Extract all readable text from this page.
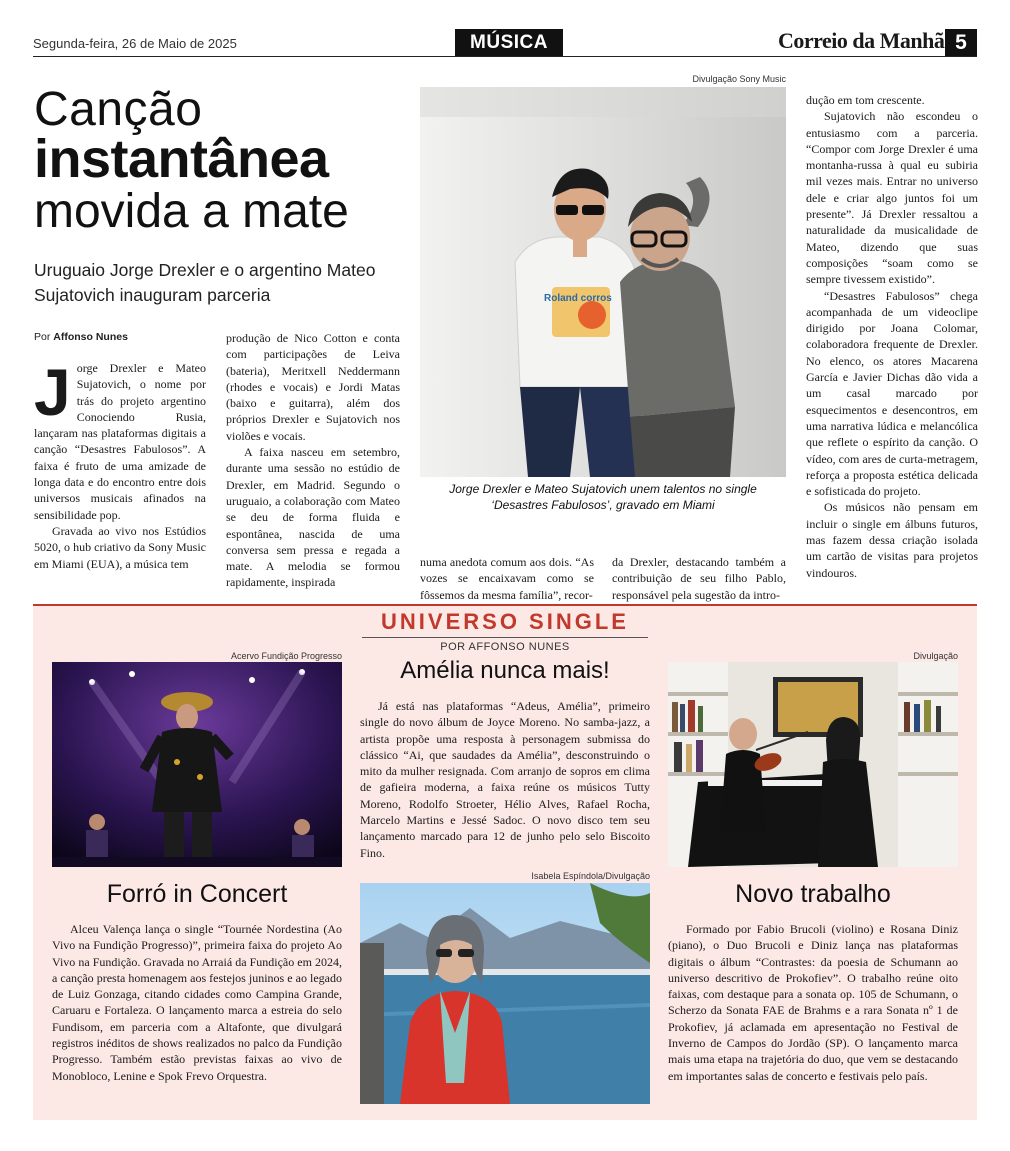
Segunda-feira, 26 de Maio de 2025	MÚSICA	Correio da Manhã 5
Canção
instantânea
movida a mate
Uruguaio Jorge Drexler e o argentino Mateo Sujatovich inauguram parceria
Por Affonso Nunes

Jorge Drexler e Mateo Sujatovich, o nome por trás do projeto argentino Conociendo Rusia, lançaram nas plataformas digitais a canção “Desastres Fabulosos”. A faixa é fruto de uma amizade de longa data e do encontro entre dois universos musicais afinados na sensibilidade pop.

Gravada ao vivo nos Estúdios 5020, o hub criativo da Sony Music em Miami (EUA), a música tem

produção de Nico Cotton e conta com participações de Leiva (bateria), Meritxell Neddermann (rhodes e vocais) e Jordi Matas (baixo e guitarra), além dos próprios Drexler e Sujatovich nos violões e vocais.

A faixa nasceu em setembro, durante uma sessão no estúdio de Drexler, em Madrid. Segundo o uruguaio, a colaboração com Mateo se deu de forma fluida e espontânea, nascida de uma conversa sem pressa e regada a mate. A melodia se formou rapidamente, inspirada

numa anedota comum aos dois. “As vozes se encaixavam como se fôssemos da mesma família”, recor-

da Drexler, destacando também a contribuição de seu filho Pablo, responsável pela sugestão da intro-

dução em tom crescente.

Sujatovich não escondeu o entusiasmo com a parceria. “Compor com Jorge Drexler é uma montanha-russa à qual eu subiria mil vezes mais. Entrar no universo dele e criar algo juntos foi um presente”. Já Drexler ressaltou a naturalidade da musicalidade de Mateo, dizendo que suas composições “soam como se sempre tivessem existido”.

“Desastres Fabulosos” chega acompanhada de um videoclipe dirigido por Joana Colomar, colaboradora frequente de Drexler. No elenco, os atores Macarena García e Javier Dichas dão vida a um casal marcado por esquecimentos e desencontros, em uma narrativa lúdica e melancólica que reflete o espírito da canção. O vídeo, com ares de curta-metragem, reforça a proposta estética delicada e sofisticada do projeto.

Os músicos não pensam em incluir o single em álbuns futuros, mas fazem dessa criação isolada um cartão de visitas para projetos vindouros.

Divulgação Sony Music
Roland corros
Jorge Drexler e Mateo Sujatovich unem talentos no single ‘Desastres Fabulosos’, gravado em Miami
UNIVERSO SINGLE
POR AFFONSO NUNES
Acervo Fundição Progresso
Forró in Concert

Alceu Valença lança o single “Tournée Nordestina (Ao Vivo na Fundição Progresso)”, primeira faixa do projeto Ao Vivo na Fundição. Gravada no Arraiá da Fundição em 2024, a canção presta homenagem aos festejos juninos e ao legado de Luiz Gonzaga, citando cidades como Campina Grande, Caruaru e Fortaleza. O lançamento marca a estreia do selo Fundisom, em parceria com a Altafonte, que divulgará registros inéditos de shows realizados no palco da Fundição Progresso. Também estão previstas faixas ao vivo de Monobloco, Lenine e Spok Frevo Orquestra.

Amélia nunca mais!

Já está nas plataformas “Adeus, Amélia”, primeiro single do novo álbum de Joyce Moreno. No samba-jazz, a artista propõe uma resposta à personagem submissa do clássico “Ai, que saudades da Amélia”, desconstruindo o mito da mulher resignada. Com arranjo de sopros em clima de gafieira moderna, a faixa reúne os músicos Tutty Moreno, Rodolfo Stroeter, Hélio Alves, Rafael Rocha, Marcelo Martins e Jessé Sadoc. O novo disco tem seu lançamento marcado para 12 de junho pelo selo Biscoito Fino.

Isabela Espíndola/Divulgação
Divulgação
Novo trabalho

Formado por Fabio Brucoli (violino) e Rosana Diniz (piano), o Duo Brucoli e Diniz lança nas plataformas digitais o álbum “Contrastes: da poesia de Schumann ao universo descritivo de Prokofiev”. O trabalho reúne oito faixas, com destaque para a sonata op. 105 de Schumann, o Scherzo da Sonata FAE de Brahms e a rara Sonata nº 1 de Prokofiev, já aclamada em apresentação no Festival de Inverno de Campos do Jordão (SP). O lançamento marca mais uma etapa na trajetória do duo, que vem se destacando em importantes salas de concerto e festivais pelo país.
